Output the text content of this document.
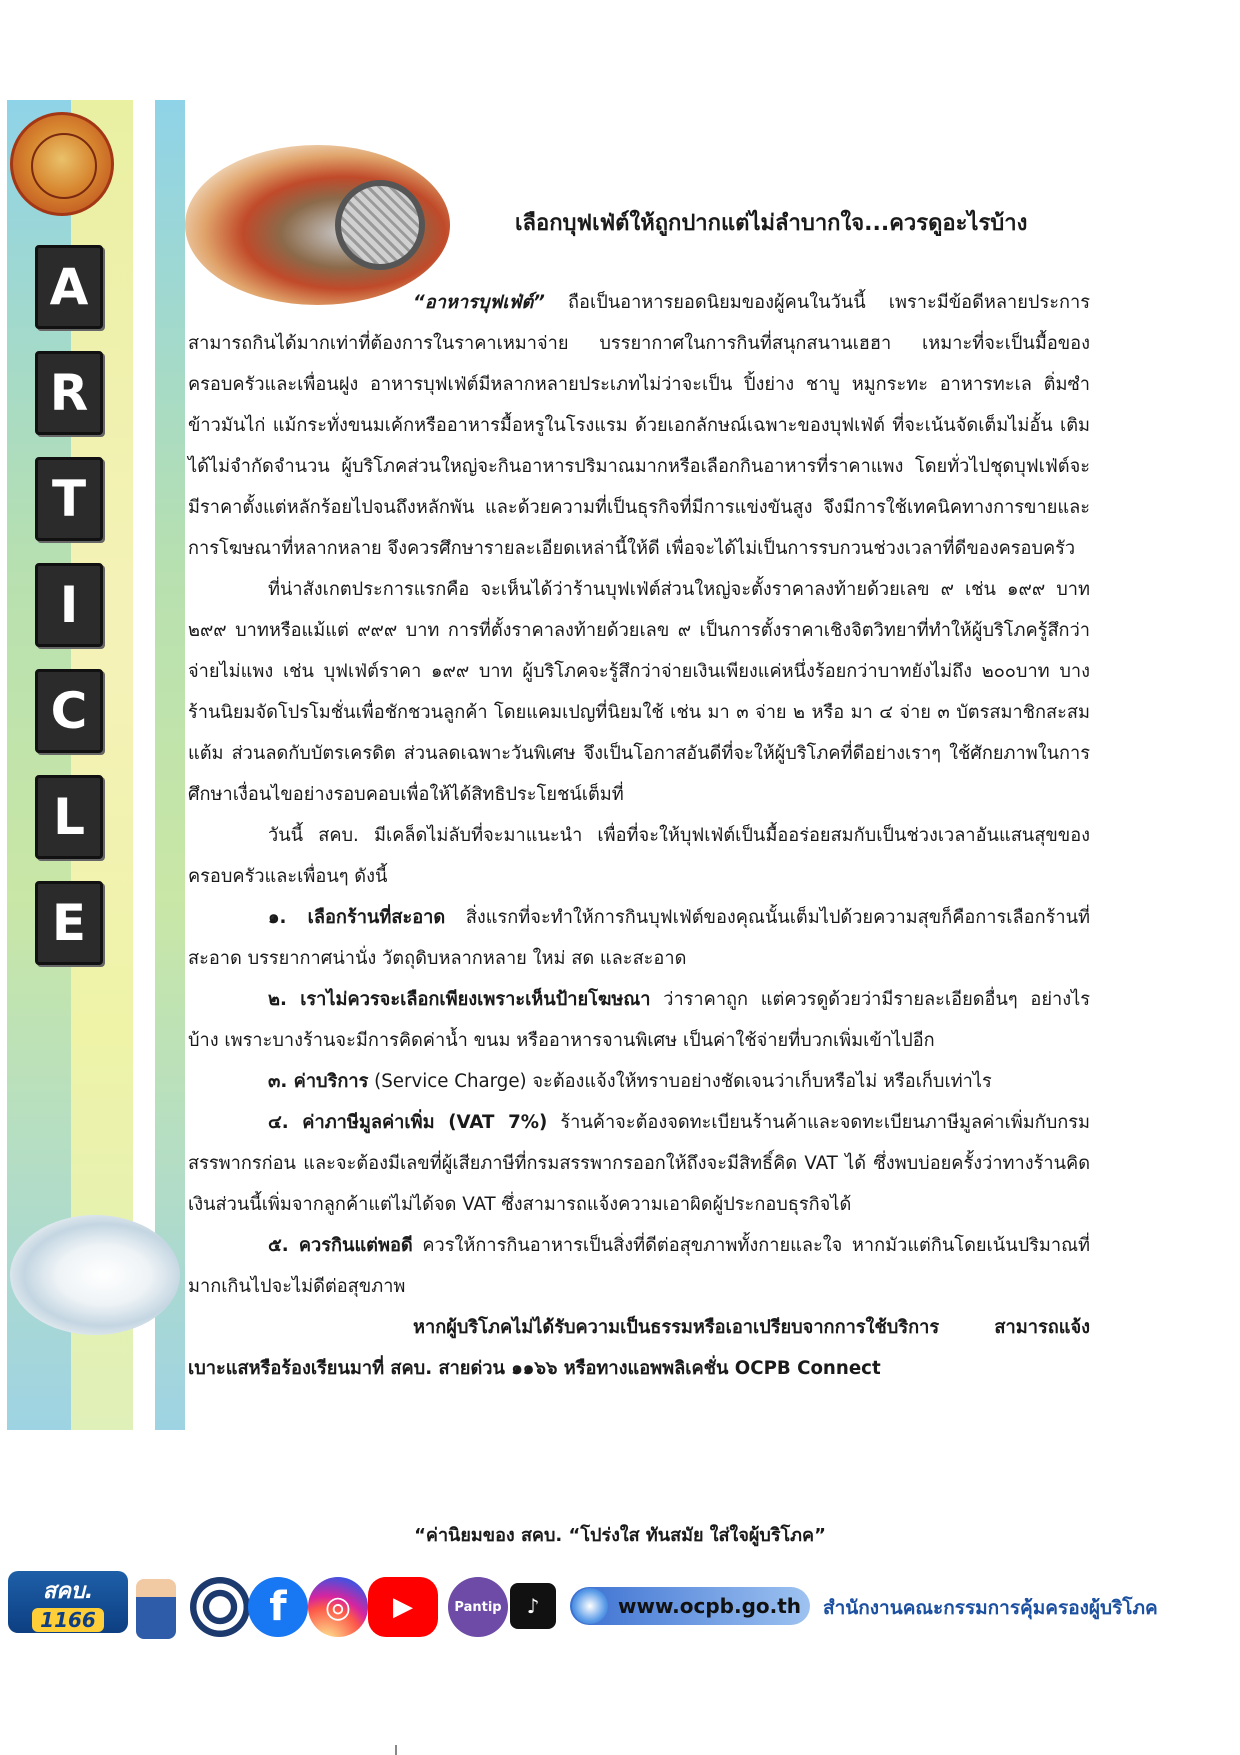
A
R
T
I
C
L
E
เลือกบุฟเฟ่ต์ให้ถูกปากแต่ไม่ลำบากใจ...ควรดูอะไรบ้าง

“อาหารบุฟเฟ่ต์” ถือเป็นอาหารยอดนิยมของผู้คนในวันนี้ เพราะมีข้อดีหลายประการ สามารถกินได้มากเท่าที่ต้องการในราคาเหมาจ่าย บรรยากาศในการกินที่สนุกสนานเฮฮา เหมาะที่จะเป็นมื้อของครอบครัวและเพื่อนฝูง อาหารบุฟเฟ่ต์มีหลากหลายประเภทไม่ว่าจะเป็น ปิ้งย่าง ชาบู หมูกระทะ อาหารทะเล ติ่มซำ ข้าวมันไก่ แม้กระทั่งขนมเค้กหรืออาหารมื้อหรูในโรงแรม ด้วยเอกลักษณ์เฉพาะของบุฟเฟ่ต์ ที่จะเน้นจัดเต็มไม่อั้น เติมได้ไม่จำกัดจำนวน ผู้บริโภคส่วนใหญ่จะกินอาหารปริมาณมากหรือเลือกกินอาหารที่ราคาแพง โดยทั่วไปชุดบุฟเฟ่ต์จะมีราคาตั้งแต่หลักร้อยไปจนถึงหลักพัน และด้วยความที่เป็นธุรกิจที่มีการแข่งขันสูง จึงมีการใช้เทคนิคทางการขายและการโฆษณาที่หลากหลาย จึงควรศึกษารายละเอียดเหล่านี้ให้ดี เพื่อจะได้ไม่เป็นการรบกวนช่วงเวลาที่ดีของครอบครัว

ที่น่าสังเกตประการแรกคือ จะเห็นได้ว่าร้านบุฟเฟ่ต์ส่วนใหญ่จะตั้งราคาลงท้ายด้วยเลข ๙ เช่น ๑๙๙ บาท ๒๙๙ บาทหรือแม้แต่ ๙๙๙ บาท การที่ตั้งราคาลงท้ายด้วยเลข ๙ เป็นการตั้งราคาเชิงจิตวิทยาที่ทำให้ผู้บริโภครู้สึกว่าจ่ายไม่แพง เช่น บุฟเฟ่ต์ราคา ๑๙๙ บาท ผู้บริโภคจะรู้สึกว่าจ่ายเงินเพียงแค่หนึ่งร้อยกว่าบาทยังไม่ถึง ๒๐๐บาท บางร้านนิยมจัดโปรโมชั่นเพื่อชักชวนลูกค้า โดยแคมเปญที่นิยมใช้ เช่น มา ๓ จ่าย ๒ หรือ มา ๔ จ่าย ๓ บัตรสมาชิกสะสมแต้ม ส่วนลดกับบัตรเครดิต ส่วนลดเฉพาะวันพิเศษ จึงเป็นโอกาสอันดีที่จะให้ผู้บริโภคที่ดีอย่างเราๆ ใช้ศักยภาพในการศึกษาเงื่อนไขอย่างรอบคอบเพื่อให้ได้สิทธิประโยชน์เต็มที่

วันนี้ สคบ. มีเคล็ดไม่ลับที่จะมาแนะนำ เพื่อที่จะให้บุฟเฟ่ต์เป็นมื้ออร่อยสมกับเป็นช่วงเวลาอันแสนสุขของครอบครัวและเพื่อนๆ ดังนี้

๑. เลือกร้านที่สะอาด สิ่งแรกที่จะทำให้การกินบุฟเฟ่ต์ของคุณนั้นเต็มไปด้วยความสุขก็คือการเลือกร้านที่สะอาด บรรยากาศน่านั่ง วัตถุดิบหลากหลาย ใหม่ สด และสะอาด

๒. เราไม่ควรจะเลือกเพียงเพราะเห็นป้ายโฆษณา ว่าราคาถูก แต่ควรดูด้วยว่ามีรายละเอียดอื่นๆ อย่างไรบ้าง เพราะบางร้านจะมีการคิดค่าน้ำ ขนม หรืออาหารจานพิเศษ เป็นค่าใช้จ่ายที่บวกเพิ่มเข้าไปอีก

๓. ค่าบริการ (Service Charge) จะต้องแจ้งให้ทราบอย่างชัดเจนว่าเก็บหรือไม่ หรือเก็บเท่าไร

๔. ค่าภาษีมูลค่าเพิ่ม (VAT 7%) ร้านค้าจะต้องจดทะเบียนร้านค้าและจดทะเบียนภาษีมูลค่าเพิ่มกับกรมสรรพากรก่อน และจะต้องมีเลขที่ผู้เสียภาษีที่กรมสรรพากรออกให้ถึงจะมีสิทธิ์คิด VAT ได้ ซึ่งพบบ่อยครั้งว่าทางร้านคิดเงินส่วนนี้เพิ่มจากลูกค้าแต่ไม่ได้จด VAT ซึ่งสามารถแจ้งความเอาผิดผู้ประกอบธุรกิจได้

๕. ควรกินแต่พอดี ควรให้การกินอาหารเป็นสิ่งที่ดีต่อสุขภาพทั้งกายและใจ หากมัวแต่กินโดยเน้นปริมาณที่มากเกินไปจะไม่ดีต่อสุขภาพ

หากผู้บริโภคไม่ได้รับความเป็นธรรมหรือเอาเปรียบจากการใช้บริการ สามารถแจ้งเบาะแสหรือร้องเรียนมาที่ สคบ. สายด่วน ๑๑๖๖ หรือทางแอพพลิเคชั่น OCPB Connect

“ค่านิยมของ สคบ. “โปร่งใส ทันสมัย ใส่ใจผู้บริโภค”
สคบ.
1166	f	◎	▶	Pantip	♪	www.ocpb.go.th สำนักงานคณะกรรมการคุ้มครองผู้บริโภค
